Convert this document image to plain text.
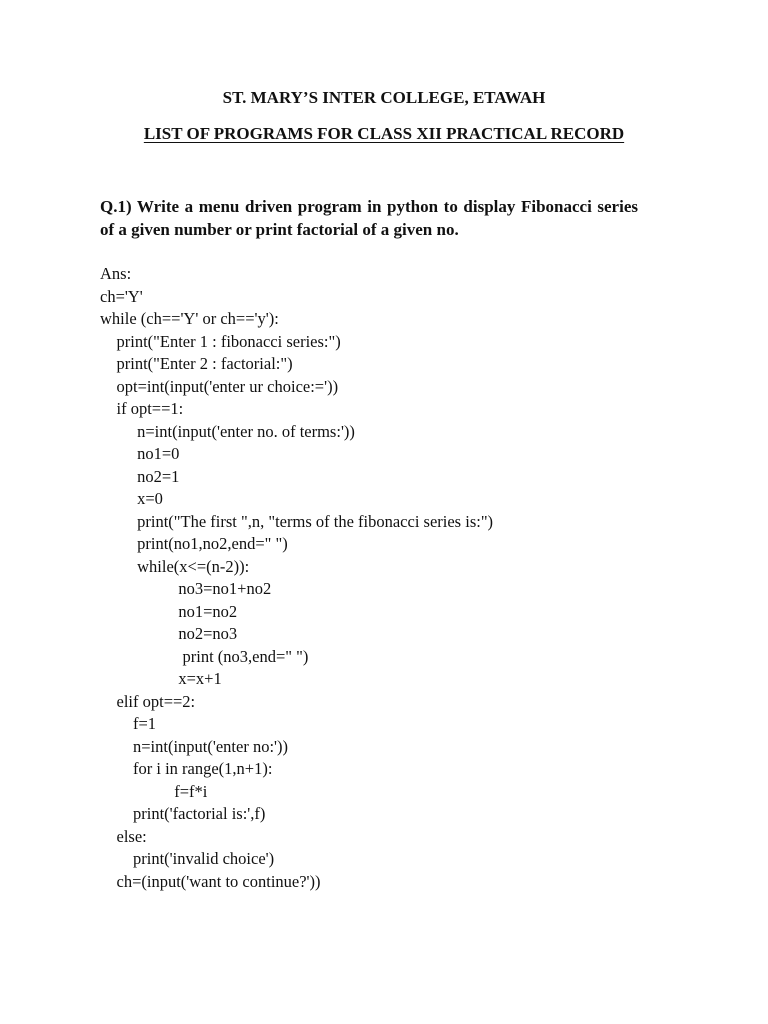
ST. MARY’S INTER COLLEGE, ETAWAH
LIST OF PROGRAMS FOR CLASS XII PRACTICAL RECORD
Q.1) Write a menu driven program in python to display Fibonacci series of a given number or print factorial of a given no.
Ans:
ch='Y'
while (ch=='Y' or ch=='y'):
print("Enter 1 : fibonacci series:")
print("Enter 2 : factorial:")
opt=int(input('enter ur choice:='))
if opt==1:
n=int(input('enter no. of terms:'))
no1=0
no2=1
x=0
print("The first ",n, "terms of the fibonacci series is:")
print(no1,no2,end=" ")
while(x<=(n-2)):
no3=no1+no2
no1=no2
no2=no3
print (no3,end=" ")
x=x+1
elif opt==2:
f=1
n=int(input('enter no:'))
for i in range(1,n+1):
f=f*i
print('factorial is:',f)
else:
print('invalid choice')
ch=(input('want to continue?'))
